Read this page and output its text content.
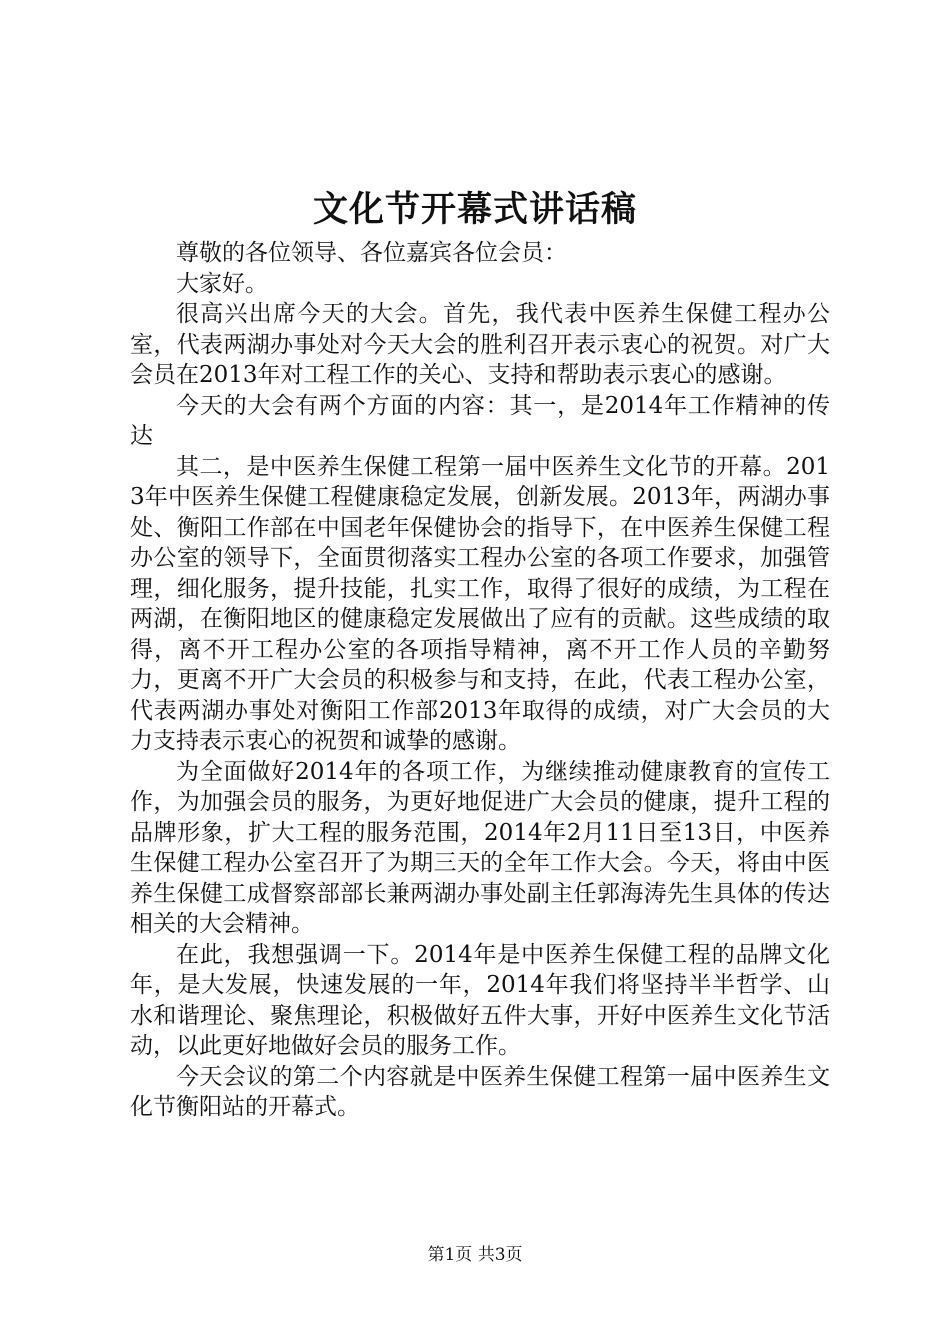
文化节开幕式讲话稿

尊敬的各位领导、各位嘉宾各位会员：

大家好。

很高兴出席今天的大会。首先，我代表中医养生保健工程办公室，代表两湖办事处对今天大会的胜利召开表示衷心的祝贺。对广大会员在2013年对工程工作的关心、支持和帮助表示衷心的感谢。

今天的大会有两个方面的内容：其一，是2014年工作精神的传达

其二，是中医养生保健工程第一届中医养生文化节的开幕。2013年中医养生保健工程健康稳定发展，创新发展。2013年，两湖办事处、衡阳工作部在中国老年保健协会的指导下，在中医养生保健工程办公室的领导下，全面贯彻落实工程办公室的各项工作要求，加强管理，细化服务，提升技能，扎实工作，取得了很好的成绩，为工程在两湖，在衡阳地区的健康稳定发展做出了应有的贡献。这些成绩的取得，离不开工程办公室的各项指导精神，离不开工作人员的辛勤努力，更离不开广大会员的积极参与和支持，在此，代表工程办公室，代表两湖办事处对衡阳工作部2013年取得的成绩，对广大会员的大力支持表示衷心的祝贺和诚挚的感谢。

为全面做好2014年的各项工作，为继续推动健康教育的宣传工作，为加强会员的服务，为更好地促进广大会员的健康，提升工程的品牌形象，扩大工程的服务范围，2014年2月11日至13日，中医养生保健工程办公室召开了为期三天的全年工作大会。今天，将由中医养生保健工成督察部部长兼两湖办事处副主任郭海涛先生具体的传达相关的大会精神。

在此，我想强调一下。2014年是中医养生保健工程的品牌文化年，是大发展，快速发展的一年，2014年我们将坚持半半哲学、山水和谐理论、聚焦理论，积极做好五件大事，开好中医养生文化节活动，以此更好地做好会员的服务工作。

今天会议的第二个内容就是中医养生保健工程第一届中医养生文化节衡阳站的开幕式。

第1页 共3页
